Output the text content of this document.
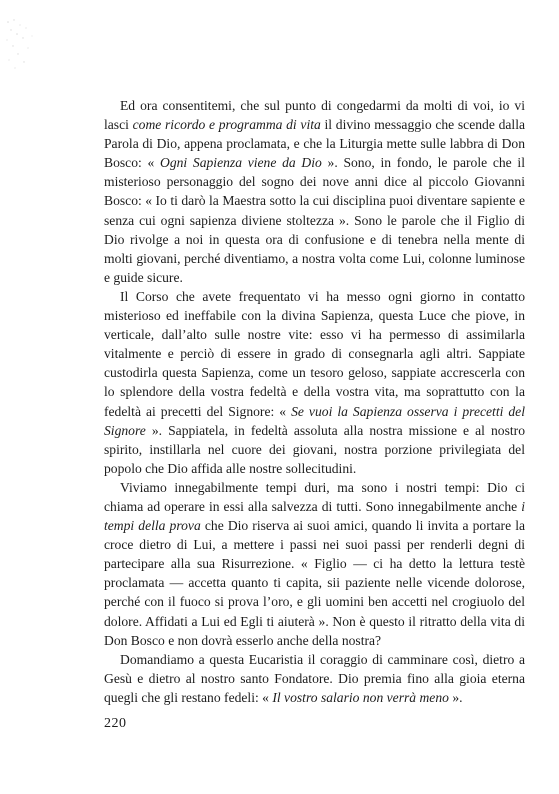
Ed ora consentitemi, che sul punto di congedarmi da molti di voi, io vi lasci come ricordo e programma di vita il divino messaggio che scende dalla Parola di Dio, appena proclamata, e che la Liturgia mette sulle labbra di Don Bosco: « Ogni Sapienza viene da Dio ». Sono, in fondo, le parole che il misterioso personaggio del sogno dei nove anni dice al piccolo Giovanni Bosco: « Io ti darò la Maestra sotto la cui disciplina puoi diventare sapiente e senza cui ogni sapienza diviene stoltezza ». Sono le parole che il Figlio di Dio rivolge a noi in questa ora di confusione e di tenebra nella mente di molti giovani, perché diventiamo, a nostra volta come Lui, colonne luminose e guide sicure.

Il Corso che avete frequentato vi ha messo ogni giorno in contatto misterioso ed ineffabile con la divina Sapienza, questa Luce che piove, in verticale, dall’alto sulle nostre vite: esso vi ha permesso di assimilarla vitalmente e perciò di essere in grado di consegnarla agli altri. Sappiate custodirla questa Sapienza, come un tesoro geloso, sappiate accrescerla con lo splendore della vostra fedeltà e della vostra vita, ma soprattutto con la fedeltà ai precetti del Signore: « Se vuoi la Sapienza osserva i precetti del Signore ». Sappiatela, in fedeltà assoluta alla nostra missione e al nostro spirito, instillarla nel cuore dei giovani, nostra porzione privilegiata del popolo che Dio affida alle nostre sollecitudini.

Viviamo innegabilmente tempi duri, ma sono i nostri tempi: Dio ci chiama ad operare in essi alla salvezza di tutti. Sono innegabilmente anche i tempi della prova che Dio riserva ai suoi amici, quando li invita a portare la croce dietro di Lui, a mettere i passi nei suoi passi per renderli degni di partecipare alla sua Risurrezione. « Figlio — ci ha detto la lettura testè proclamata — accetta quanto ti capita, sii paziente nelle vicende dolorose, perché con il fuoco si prova l’oro, e gli uomini ben accetti nel crogiuolo del dolore. Affidati a Lui ed Egli ti aiuterà ». Non è questo il ritratto della vita di Don Bosco e non dovrà esserlo anche della nostra?

Domandiamo a questa Eucaristia il coraggio di camminare così, dietro a Gesù e dietro al nostro santo Fondatore. Dio premia fino alla gioia eterna quegli che gli restano fedeli: « Il vostro salario non verrà meno ».

220
